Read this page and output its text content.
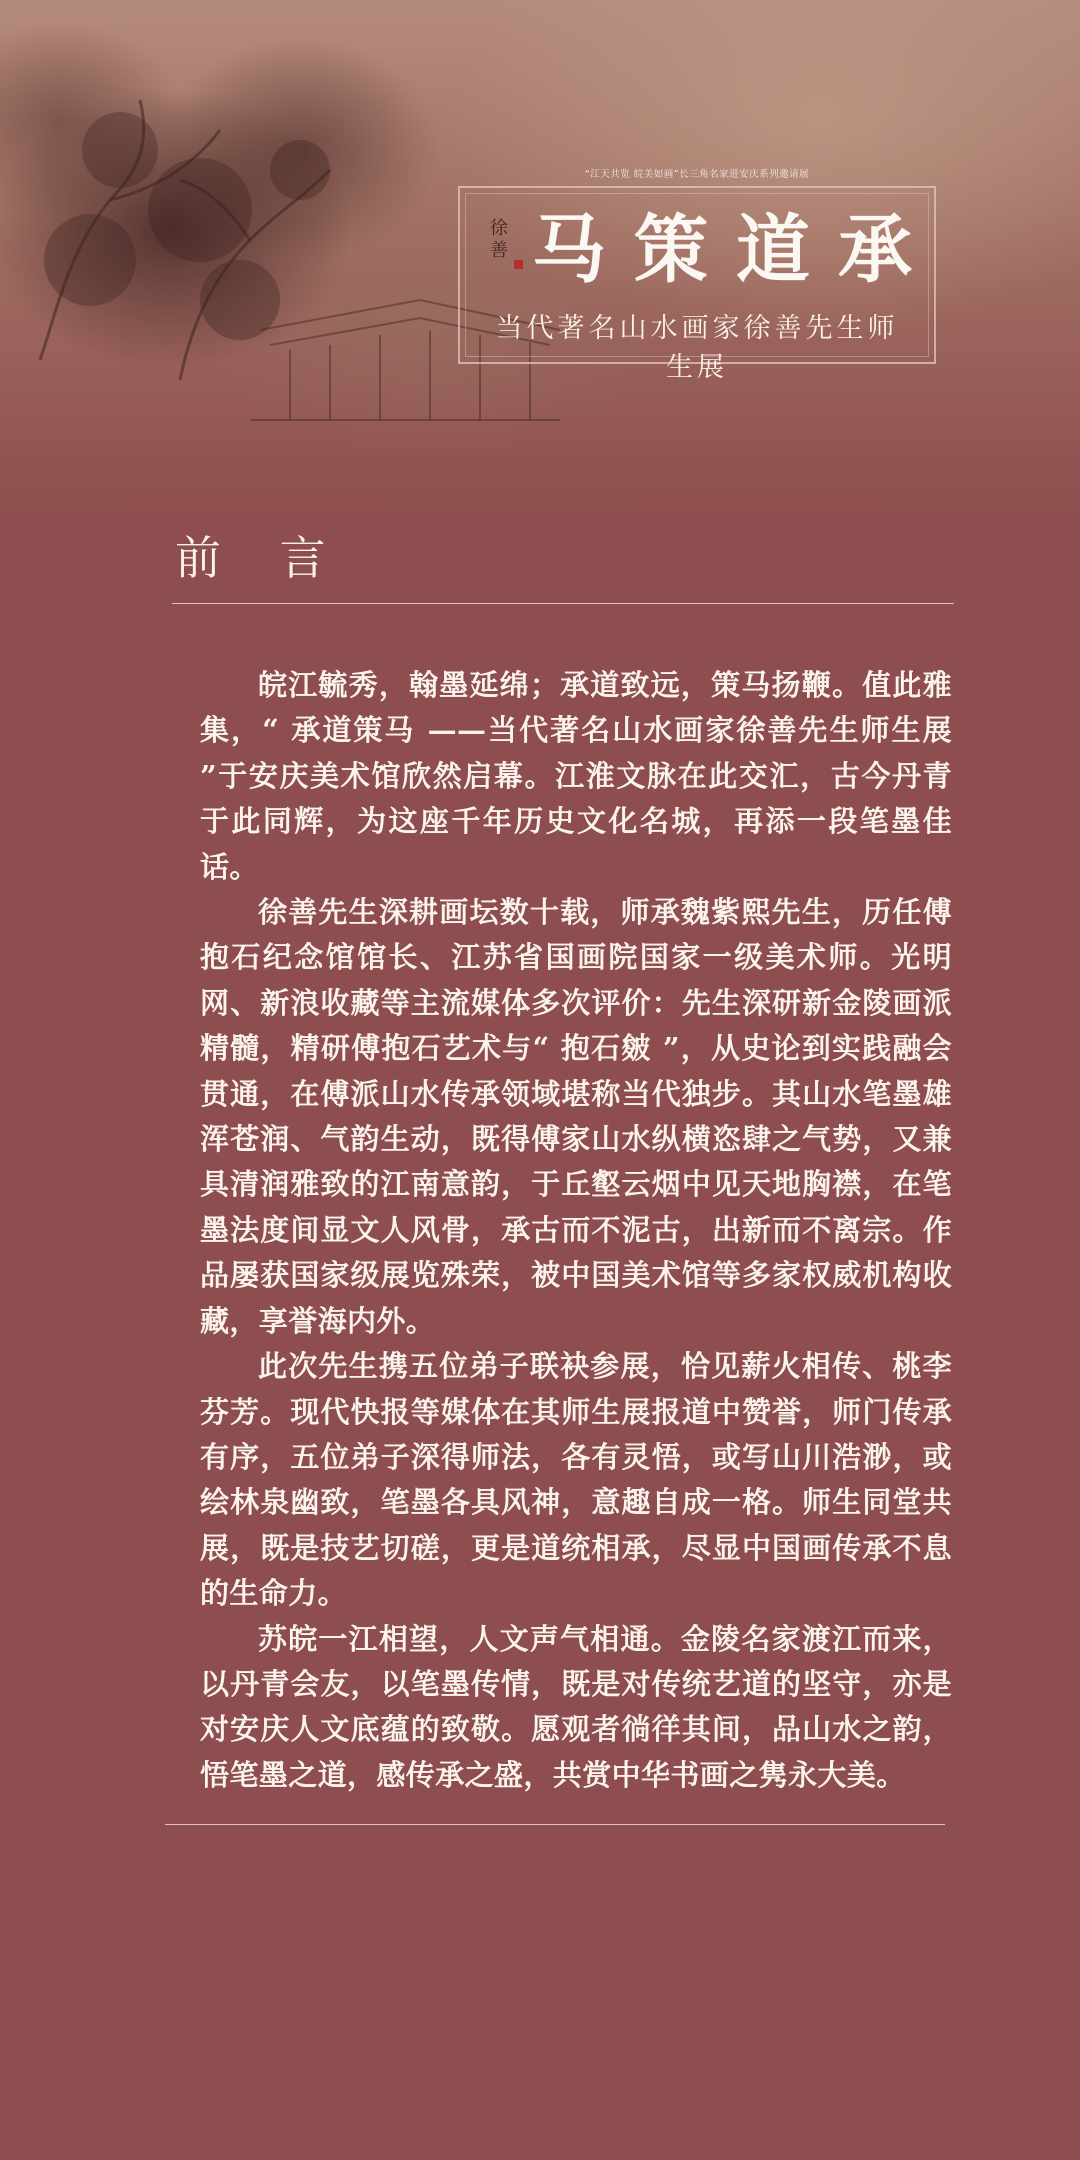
“江天共览 皖美如画”长三角名家进安庆系列邀请展
徐善 马 策 道 承
当代著名山水画家徐善先生师生展
前 言

皖江毓秀，翰墨延绵；承道致远，策马扬鞭。值此雅集，“ 承道策马 ——当代著名山水画家徐善先生师生展 ”于安庆美术馆欣然启幕。江淮文脉在此交汇，古今丹青于此同辉，为这座千年历史文化名城，再添一段笔墨佳话。

徐善先生深耕画坛数十载，师承魏紫熙先生，历任傅抱石纪念馆馆长、江苏省国画院国家一级美术师。光明网、新浪收藏等主流媒体多次评价：先生深研新金陵画派精髓，精研傅抱石艺术与“ 抱石皴 ”，从史论到实践融会贯通，在傅派山水传承领域堪称当代独步。其山水笔墨雄浑苍润、气韵生动，既得傅家山水纵横恣肆之气势，又兼具清润雅致的江南意韵，于丘壑云烟中见天地胸襟，在笔墨法度间显文人风骨，承古而不泥古，出新而不离宗。作品屡获国家级展览殊荣，被中国美术馆等多家权威机构收藏，享誉海内外。

此次先生携五位弟子联袂参展，恰见薪火相传、桃李芬芳。现代快报等媒体在其师生展报道中赞誉，师门传承有序，五位弟子深得师法，各有灵悟，或写山川浩渺，或绘林泉幽致，笔墨各具风神，意趣自成一格。师生同堂共展，既是技艺切磋，更是道统相承，尽显中国画传承不息的生命力。

苏皖一江相望，人文声气相通。金陵名家渡江而来，以丹青会友，以笔墨传情，既是对传统艺道的坚守，亦是对安庆人文底蕴的致敬。愿观者徜徉其间，品山水之韵，悟笔墨之道，感传承之盛，共赏中华书画之隽永大美。
